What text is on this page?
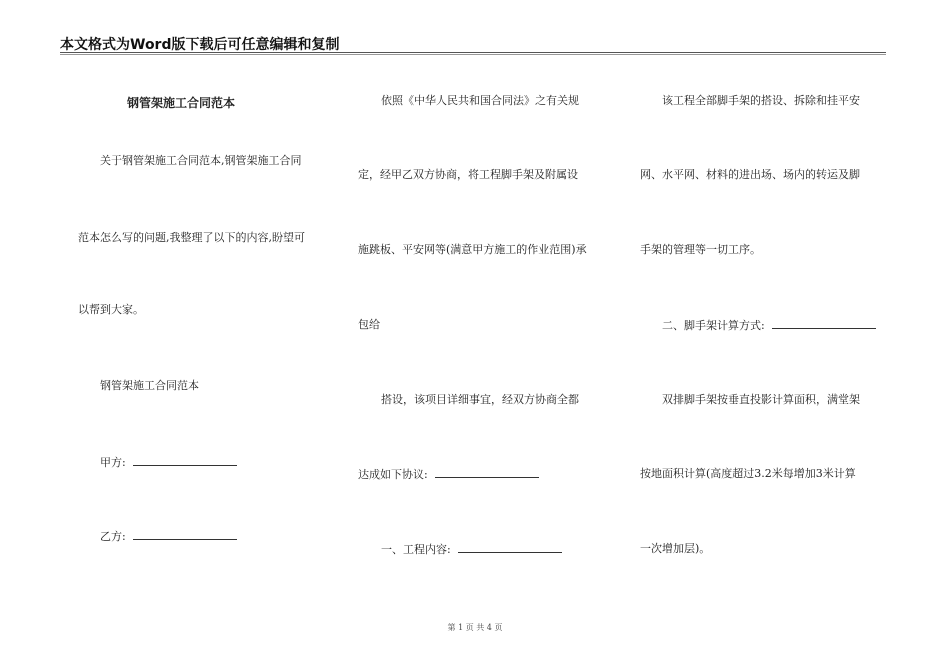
本文格式为Word版下载后可任意编辑和复制
钢管架施工合同范本
关于钢管架施工合同范本,钢管架施工合同
范本怎么写的问题,我整理了以下的内容,盼望可
以帮到大家。
钢管架施工合同范本
甲方:
乙方:
依照《中华人民共和国合同法》之有关规
定，经甲乙双方协商，将工程脚手架及附属设
施跳板、平安网等(满意甲方施工的作业范围)承
包给
搭设，该项目详细事宜，经双方协商全都
达成如下协议:
一、工程内容:
该工程全部脚手架的搭设、拆除和挂平安
网、水平网、材料的进出场、场内的转运及脚
手架的管理等一切工序。
二、脚手架计算方式:
双排脚手架按垂直投影计算面积，满堂架
按地面积计算(高度超过3.2米每增加3米计算
一次增加层)。
第 1 页 共 4 页
